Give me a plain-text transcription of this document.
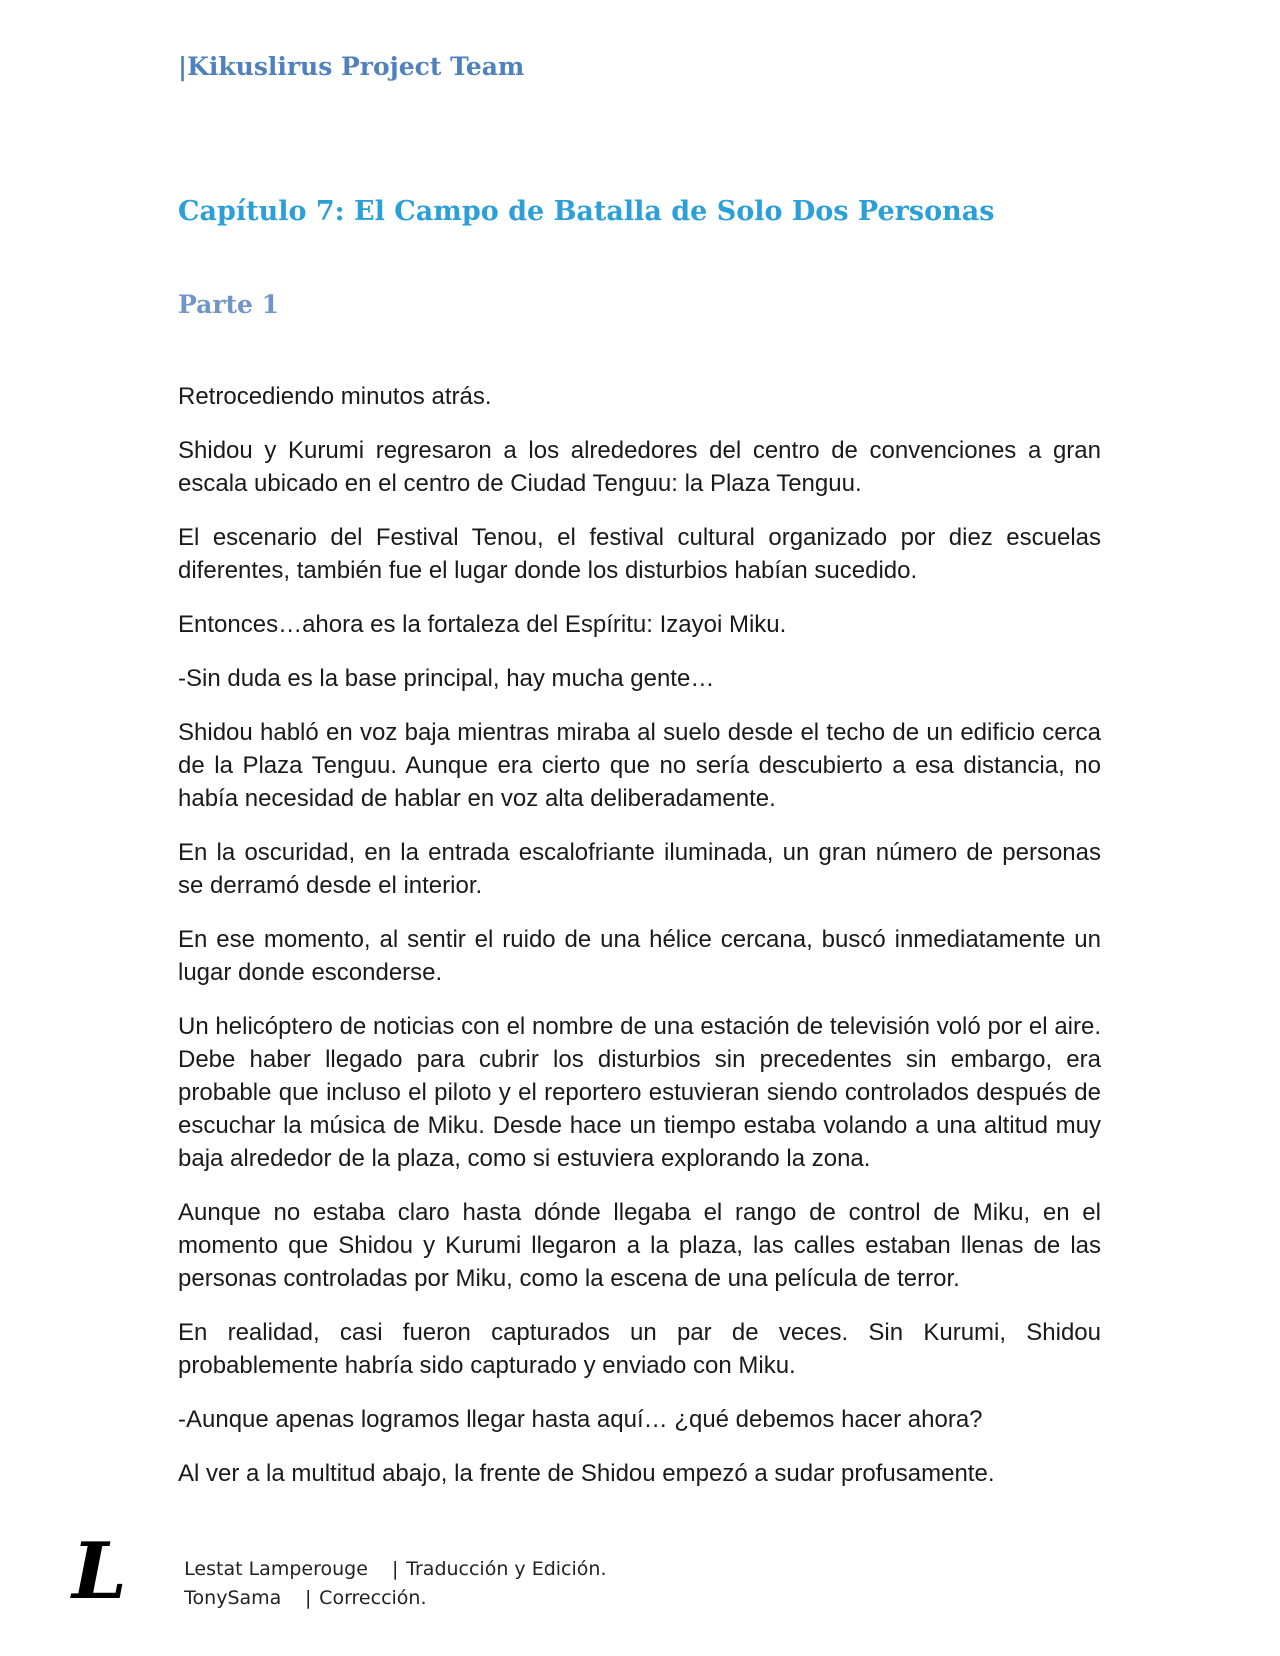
|Kikuslirus Project Team
Capítulo 7: El Campo de Batalla de Solo Dos Personas
Parte 1

Retrocediendo minutos atrás.

Shidou y Kurumi regresaron a los alrededores del centro de convenciones a gran escala ubicado en el centro de Ciudad Tenguu: la Plaza Tenguu.

El escenario del Festival Tenou, el festival cultural organizado por diez escuelas diferentes, también fue el lugar donde los disturbios habían sucedido.

Entonces…ahora es la fortaleza del Espíritu: Izayoi Miku.

-Sin duda es la base principal, hay mucha gente…

Shidou habló en voz baja mientras miraba al suelo desde el techo de un edificio cerca de la Plaza Tenguu. Aunque era cierto que no sería descubierto a esa distancia, no había necesidad de hablar en voz alta deliberadamente.

En la oscuridad, en la entrada escalofriante iluminada, un gran número de personas se derramó desde el interior.

En ese momento, al sentir el ruido de una hélice cercana, buscó inmediatamente un lugar donde esconderse.

Un helicóptero de noticias con el nombre de una estación de televisión voló por el aire. Debe haber llegado para cubrir los disturbios sin precedentes sin embargo, era probable que incluso el piloto y el reportero estuvieran siendo controlados después de escuchar la música de Miku. Desde hace un tiempo estaba volando a una altitud muy baja alrededor de la plaza, como si estuviera explorando la zona.

Aunque no estaba claro hasta dónde llegaba el rango de control de Miku, en el momento que Shidou y Kurumi llegaron a la plaza, las calles estaban llenas de las personas controladas por Miku, como la escena de una película de terror.

En realidad, casi fueron capturados un par de veces. Sin Kurumi, Shidou probablemente habría sido capturado y enviado con Miku.

-Aunque apenas logramos llegar hasta aquí… ¿qué debemos hacer ahora?

Al ver a la multitud abajo, la frente de Shidou empezó a sudar profusamente.

L	Lestat Lamperouge | Traducción y Edición.

TonySama | Corrección.
